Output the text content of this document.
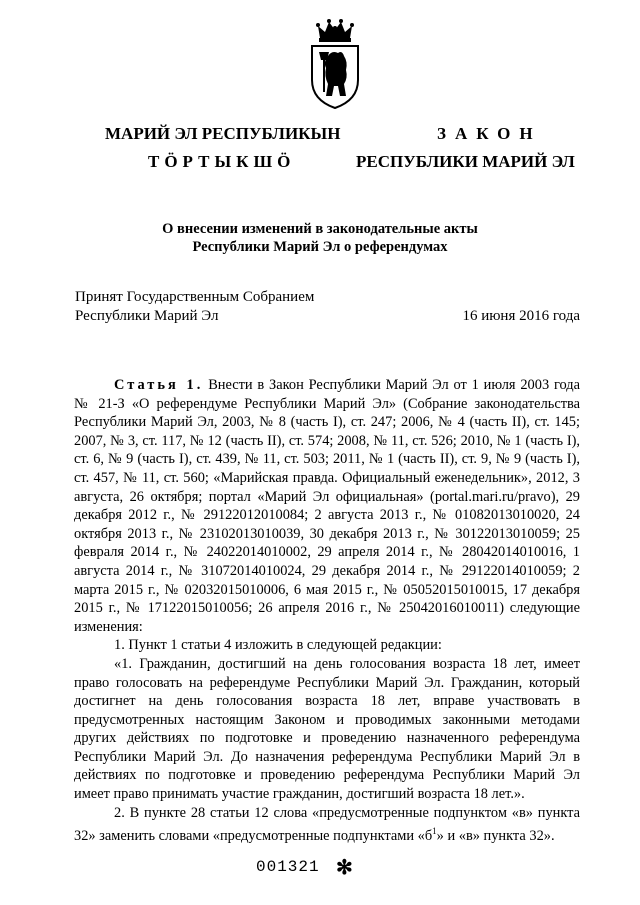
МАРИЙ ЭЛ РЕСПУБЛИКЫН
ТӦРТЫКШӦ
ЗАКОН
РЕСПУБЛИКИ МАРИЙ ЭЛ
О внесении изменений в законодательные акты
Республики Марий Эл о референдумах
Принят Государственным Собранием
Республики Марий Эл	16 июня 2016 года

Статья 1. Внести в Закон Республики Марий Эл от 1 июля 2003 года № 21-З «О референдуме Республики Марий Эл» (Собрание законодательства Республики Марий Эл, 2003, № 8 (часть I), ст. 247; 2006, № 4 (часть II), ст. 145; 2007, № 3, ст. 117, № 12 (часть II), ст. 574; 2008, № 11, ст. 526; 2010, № 1 (часть I), ст. 6, № 9 (часть I), ст. 439, № 11, ст. 503; 2011, № 1 (часть II), ст. 9, № 9 (часть I), ст. 457, № 11, ст. 560; «Марийская правда. Официальный еженедельник», 2012, 3 августа, 26 октября; портал «Марий Эл официальная» (portal.mari.ru/pravo), 29 декабря 2012 г., № 29122012010084; 2 августа 2013 г., № 01082013010020, 24 октября 2013 г., № 23102013010039, 30 декабря 2013 г., № 30122013010059; 25 февраля 2014 г., № 24022014010002, 29 апреля 2014 г., № 28042014010016, 1 августа 2014 г., № 31072014010024, 29 декабря 2014 г., № 29122014010059; 2 марта 2015 г., № 02032015010006, 6 мая 2015 г., № 05052015010015, 17 декабря 2015 г., № 17122015010056; 26 апреля 2016 г., № 25042016010011) следующие изменения:

1. Пункт 1 статьи 4 изложить в следующей редакции:

«1. Гражданин, достигший на день голосования возраста 18 лет, имеет право голосовать на референдуме Республики Марий Эл. Гражданин, который достигнет на день голосования возраста 18 лет, вправе участвовать в предусмотренных настоящим Законом и проводимых законными методами других действиях по подготовке и проведению назначенного референдума Республики Марий Эл. До назначения референдума Республики Марий Эл в действиях по подготовке и проведению референдума Республики Марий Эл имеет право принимать участие гражданин, достигший возраста 18 лет.».

2. В пункте 28 статьи 12 слова «предусмотренные подпунктом «в» пункта 32» заменить словами «предусмотренные подпунктами «$б^1$» и «в» пункта 32».

001321 ✻
